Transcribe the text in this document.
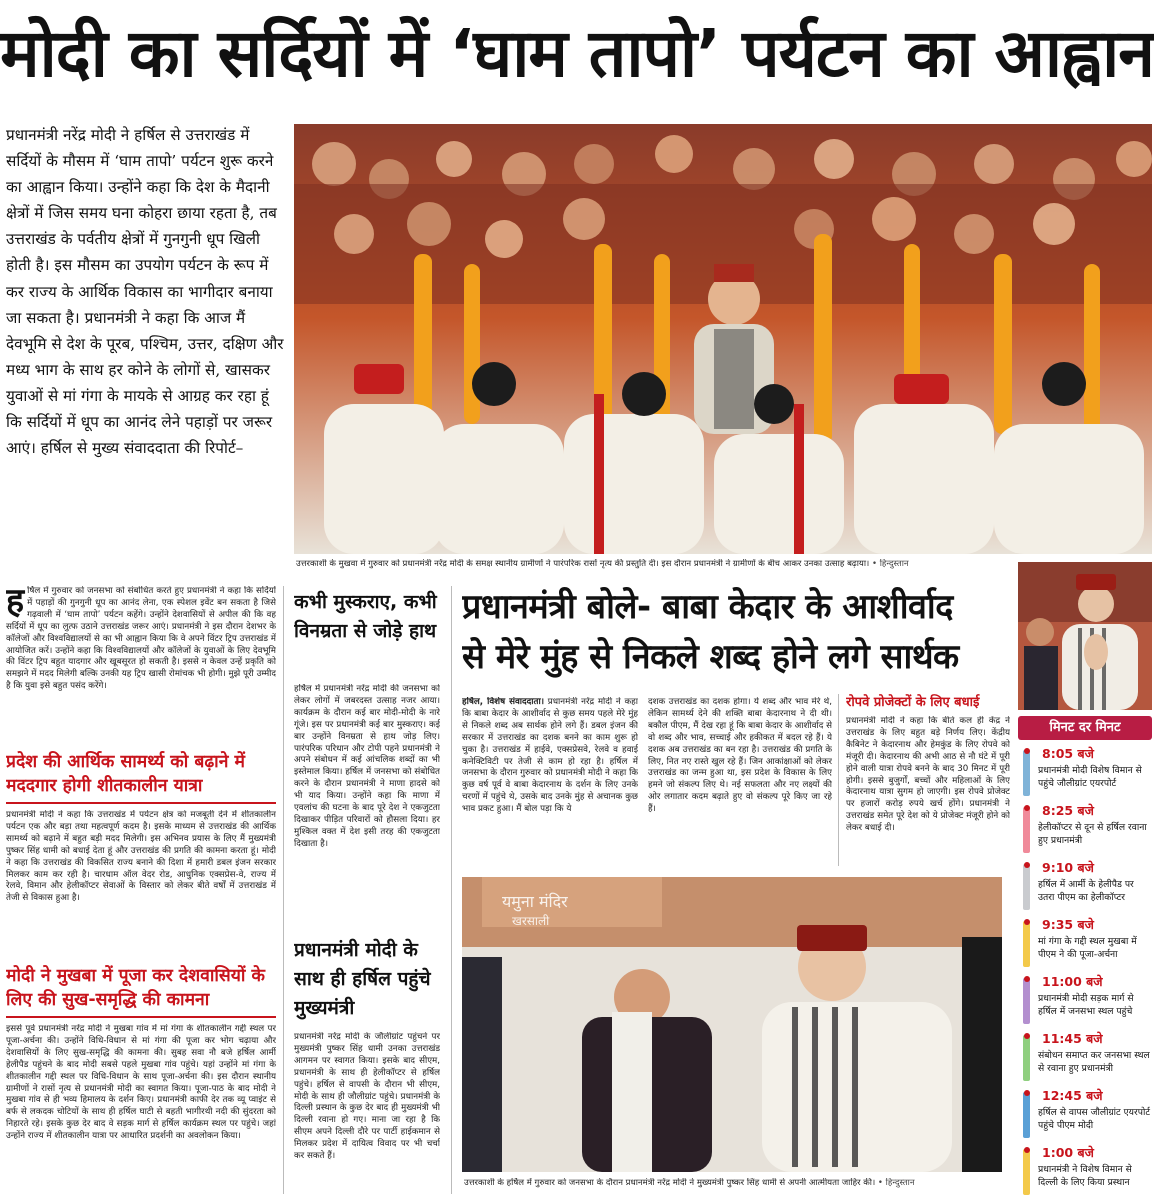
मोदी का सर्दियों में ‘घाम तापो’ पर्यटन का आह्वान
प्रधानमंत्री नरेंद्र मोदी ने हर्षिल से उत्तराखंड में सर्दियों के मौसम में ‘घाम तापो’ पर्यटन शुरू करने का आह्वान किया। उन्होंने कहा कि देश के मैदानी क्षेत्रों में जिस समय घना कोहरा छाया रहता है, तब उत्तराखंड के पर्वतीय क्षेत्रों में गुनगुनी धूप खिली होती है। इस मौसम का उपयोग पर्यटन के रूप में कर राज्य के आर्थिक विकास का भागीदार बनाया जा सकता है। प्रधानमंत्री ने कहा कि आज मैं देवभूमि से देश के पूरब, पश्चिम, उत्तर, दक्षिण और मध्य भाग के साथ हर कोने के लोगों से, खासकर युवाओं से मां गंगा के मायके से आग्रह कर रहा हूं कि सर्दियों में धूप का आनंद लेने पहाड़ों पर जरूर आएं। हर्षिल से मुख्य संवाददाता की रिपोर्ट–
उत्तरकाशी के मुखवा में गुरुवार को प्रधानमंत्री नरेंद्र मोदी के समक्ष स्थानीय ग्रामीणों ने पारंपरिक रासों नृत्य की प्रस्तुति दी। इस दौरान प्रधानमंत्री ने ग्रामीणों के बीच आकर उनका उत्साह बढ़ाया। • हिन्दुस्तान
ह र्षिल में गुरुवार को जनसभा को संबोधित करते हुए प्रधानमंत्री ने कहा कि सर्दियों में पहाड़ों की गुनगुनी धूप का आनंद लेना, एक स्पेशल इवेंट बन सकता है जिसे गढ़वाली में ‘घाम तापो’ पर्यटन कहेंगे। उन्होंने देशवासियों से अपील की कि वह सर्दियों में धूप का लुत्फ उठाने उत्तराखंड जरूर आएं। प्रधानमंत्री ने इस दौरान देशभर के कॉलेजों और विश्वविद्यालयों से का भी आह्वान किया कि वे अपने विंटर ट्रिप उत्तराखंड में आयोजित करें। उन्होंने कहा कि विश्वविद्यालयों और कॉलेजों के युवाओं के लिए देवभूमि की विंटर ट्रिप बहुत यादगार और खूबसूरत हो सकती है। इससे न केवल उन्हें प्रकृति को समझने में मदद मिलेगी बल्कि उनकी यह ट्रिप खासी रोमांचक भी होगी। मुझे पूरी उम्मीद है कि युवा इसे बहुत पसंद करेंगे।
प्रदेश की आर्थिक सामर्थ्य को बढ़ाने में मददगार होगी शीतकालीन यात्रा
प्रधानमंत्री मोदी ने कहा कि उत्तराखंड में पर्यटन क्षेत्र को मजबूती देने में शीतकालीन पर्यटन एक और बड़ा तथा महत्वपूर्ण कदम है। इसके माध्यम से उत्तराखंड की आर्थिक सामर्थ्य को बढ़ाने में बहुत बड़ी मदद मिलेगी। इस अभिनव प्रयास के लिए मैं मुख्यमंत्री पुष्कर सिंह धामी को बधाई देता हूं और उत्तराखंड की प्रगति की कामना करता हूं। मोदी ने कहा कि उत्तराखंड की विकसित राज्य बनाने की दिशा में हमारी डबल इंजन सरकार मिलकर काम कर रही है। चारधाम ऑल वेदर रोड, आधुनिक एक्सप्रेस-वे, राज्य में रेलवे, विमान और हेलीकॉप्टर सेवाओं के विस्तार को लेकर बीते वर्षों में उत्तराखंड में तेजी से विकास हुआ है।
मोदी ने मुखबा में पूजा कर देशवासियों के लिए की सुख-समृद्धि की कामना
इससे पूर्व प्रधानमंत्री नरेंद्र मोदी ने मुखबा गांव में मां गंगा के शीतकालीन गद्दी स्थल पर पूजा-अर्चना की। उन्होंने विधि-विधान से मां गंगा की पूजा कर भोग चढ़ाया और देशवासियों के लिए सुख-समृद्धि की कामना की। सुबह सवा नौ बजे हर्षिल आर्मी हेलीपैड पहुंचने के बाद मोदी सबसे पहले मुखबा गांव पहुंचे। यहां उन्होंने मां गंगा के शीतकालीन गद्दी स्थल पर विधि-विधान के साथ पूजा-अर्चना की। इस दौरान स्थानीय ग्रामीणों ने रासों नृत्य से प्रधानमंत्री मोदी का स्वागत किया। पूजा-पाठ के बाद मोदी ने मुखबा गांव से ही भव्य हिमालय के दर्शन किए। प्रधानमंत्री काफी देर तक व्यू प्वाइंट से बर्फ से लकदक चोटियों के साथ ही हर्षिल घाटी से बहती भागीरथी नदी की सुंदरता को निहारते रहे। इसके कुछ देर बाद वे सड़क मार्ग से हर्षिल कार्यक्रम स्थल पर पहुंचे। जहां उन्होंने राज्य में शीतकालीन यात्रा पर आधारित प्रदर्शनी का अवलोकन किया।
कभी मुस्कराए, कभी विनम्रता से जोड़े हाथ
हर्षिल में प्रधानमंत्री नरेंद्र मोदी की जनसभा को लेकर लोगों में जबरदस्त उत्साह नजर आया। कार्यक्रम के दौरान कई बार मोदी-मोदी के नारे गूंजे। इस पर प्रधानमंत्री कई बार मुस्कराए। कई बार उन्होंने विनम्रता से हाथ जोड़ लिए। पारंपरिक परिधान और टोपी पहने प्रधानमंत्री ने अपने संबोधन में कई आंचलिक शब्दों का भी इस्तेमाल किया। हर्षिल में जनसभा को संबोधित करने के दौरान प्रधानमंत्री ने माणा हादसे को भी याद किया। उन्होंने कहा कि माणा में एवलांच की घटना के बाद पूरे देश ने एकजुटता दिखाकर पीड़ित परिवारों को हौसला दिया। हर मुश्किल वक्त में देश इसी तरह की एकजुटता दिखाता है।
प्रधानमंत्री मोदी के साथ ही हर्षिल पहुंचे मुख्यमंत्री
प्रधानमंत्री नरेंद्र मोदी के जौलीग्रांट पहुंचने पर मुख्यमंत्री पुष्कर सिंह धामी उनका उत्तराखंड आगमन पर स्वागत किया। इसके बाद सीएम, प्रधानमंत्री के साथ ही हेलीकॉप्टर से हर्षिल पहुंचे। हर्षिल से वापसी के दौरान भी सीएम, मोदी के साथ ही जौलीग्रांट पहुंचे। प्रधानमंत्री के दिल्ली प्रस्थान के कुछ देर बाद ही मुख्यमंत्री भी दिल्ली रवाना हो गए। माना जा रहा है कि सीएम अपने दिल्ली दौरे पर पार्टी हाईकमान से मिलकर प्रदेश में दायित्व विवाद पर भी चर्चा कर सकते हैं।
प्रधानमंत्री बोले- बाबा केदार के आशीर्वाद
से मेरे मुंह से निकले शब्द होने लगे सार्थक
हर्षिल, विशेष संवाददाता। प्रधानमंत्री नरेंद्र मोदी ने कहा कि बाबा केदार के आशीर्वाद से कुछ समय पहले मेरे मुंह से निकले शब्द अब सार्थक होने लगे हैं। डबल इंजन की सरकार में उत्तराखंड का दशक बनने का काम शुरू हो चुका है। उत्तराखंड में हाईवे, एक्सप्रेसवे, रेलवे व हवाई कनेक्टिविटी पर तेजी से काम हो रहा है। हर्षिल में जनसभा के दौरान गुरुवार को प्रधानमंत्री मोदी ने कहा कि कुछ वर्ष पूर्व वे बाबा केदारनाथ के दर्शन के लिए उनके चरणों में पहुंचे थे, उसके बाद उनके मुंह से अचानक कुछ भाव प्रकट हुआ। मैं बोल पड़ा कि ये
दशक उत्तराखंड का दशक होगा। ये शब्द और भाव मेरे थे, लेकिन सामर्थ्य देने की शक्ति बाबा केदारनाथ ने दी थी। बकौल पीएम, मैं देख रहा हूं कि बाबा केदार के आशीर्वाद से वो शब्द और भाव, सच्चाई और हकीकत में बदल रहे हैं। ये दशक अब उत्तराखंड का बन रहा है। उत्तराखंड की प्रगति के लिए, नित नए रास्ते खुल रहे हैं। जिन आकांक्षाओं को लेकर उत्तराखंड का जन्म हुआ था, इस प्रदेश के विकास के लिए हमने जो संकल्प लिए थे। नई सफलता और नए लक्ष्यों की ओर लगातार कदम बढ़ाते हुए वो संकल्प पूरे किए जा रहे हैं।
रोपवे प्रोजेक्टों के लिए बधाई
प्रधानमंत्री मोदी ने कहा कि बीते कल ही केंद्र ने उत्तराखंड के लिए बहुत बड़े निर्णय लिए। केंद्रीय कैबिनेट ने केदारनाथ और हेमकुंड के लिए रोपवे को मंजूरी दी। केदारनाथ की अभी आठ से नौ घंटे में पूरी होने वाली यात्रा रोपवे बनने के बाद 30 मिनट में पूरी होगी। इससे बुजुर्गों, बच्चों और महिलाओं के लिए केदारनाथ यात्रा सुगम हो जाएगी। इस रोपवे प्रोजेक्ट पर हजारों करोड़ रुपये खर्च होंगे। प्रधानमंत्री ने उत्तराखंड समेत पूरे देश को ये प्रोजेक्ट मंजूरी होने को लेकर बधाई दी।
यमुना मंदिर
खरसाली
उत्तरकाशी के हर्षिल में गुरुवार को जनसभा के दौरान प्रधानमंत्री नरेंद्र मोदी ने मुख्यमंत्री पुष्कर सिंह धामी से अपनी आत्मीयता जाहिर की। • हिन्दुस्तान
मिनट दर मिनट
8:05 बजे
प्रधानमंत्री मोदी विशेष विमान से पहुंचे जौलीग्रांट एयरपोर्ट
8:25 बजे
हेलीकॉप्टर से दून से हर्षिल रवाना हुए प्रधानमंत्री
9:10 बजे
हर्षिल में आर्मी के हेलीपैड पर उतरा पीएम का हेलीकॉप्टर
9:35 बजे
मां गंगा के गद्दी स्थल मुखबा में पीएम ने की पूजा-अर्चना
11:00 बजे
प्रधानमंत्री मोदी सड़क मार्ग से हर्षिल में जनसभा स्थल पहुंचे
11:45 बजे
संबोधन समाप्त कर जनसभा स्थल से रवाना हुए प्रधानमंत्री
12:45 बजे
हर्षिल से वापस जौलीग्रांट एयरपोर्ट पहुंचे पीएम मोदी
1:00 बजे
प्रधानमंत्री ने विशेष विमान से दिल्ली के लिए किया प्रस्थान
